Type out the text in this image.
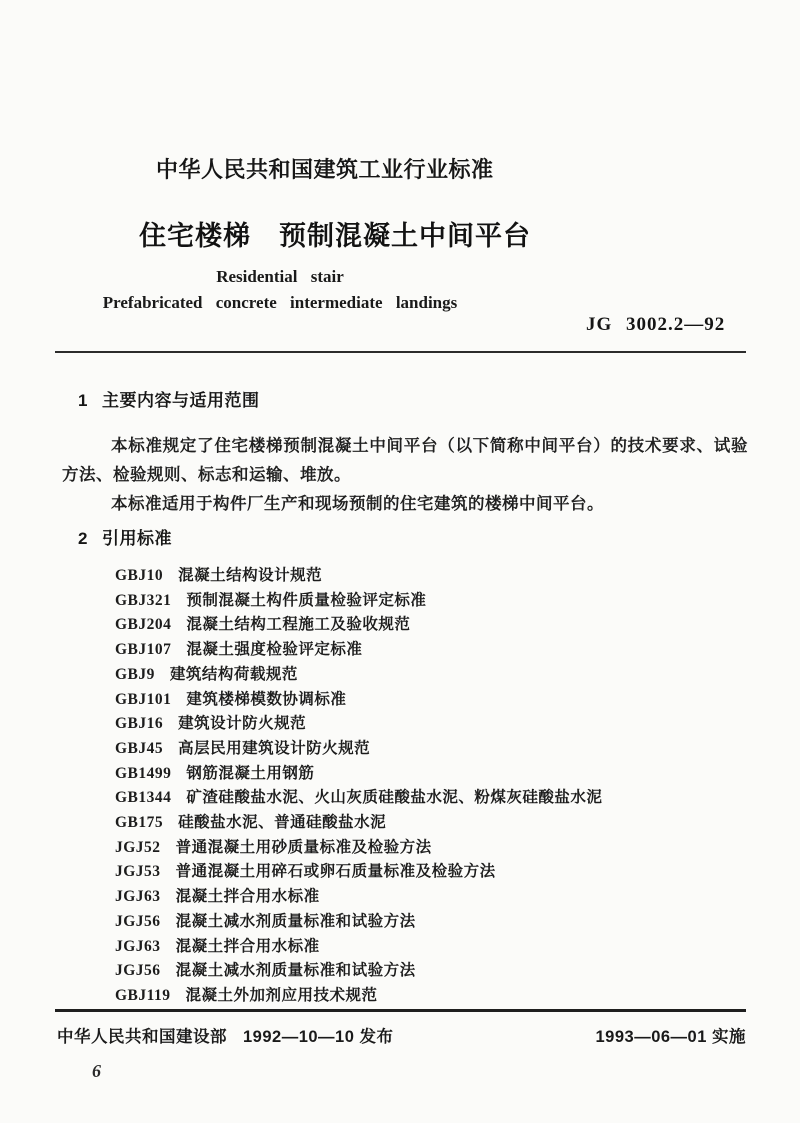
中华人民共和国建筑工业行业标准
住宅楼梯　预制混凝土中间平台
Residential stair
Prefabricated concrete intermediate landings
JG 3002.2—92
1 主要内容与适用范围

本标准规定了住宅楼梯预制混凝土中间平台（以下简称中间平台）的技术要求、试验方法、检验规则、标志和运输、堆放。

本标准适用于构件厂生产和现场预制的住宅建筑的楼梯中间平台。

2 引用标准
GBJ10 混凝土结构设计规范
GBJ321 预制混凝土构件质量检验评定标准
GBJ204 混凝土结构工程施工及验收规范
GBJ107 混凝土强度检验评定标准
GBJ9 建筑结构荷载规范
GBJ101 建筑楼梯模数协调标准
GBJ16 建筑设计防火规范
GBJ45 高层民用建筑设计防火规范
GB1499 钢筋混凝土用钢筋
GB1344 矿渣硅酸盐水泥、火山灰质硅酸盐水泥、粉煤灰硅酸盐水泥
GB175 硅酸盐水泥、普通硅酸盐水泥
JGJ52 普通混凝土用砂质量标准及检验方法
JGJ53 普通混凝土用碎石或卵石质量标准及检验方法
JGJ63 混凝土拌合用水标准
JGJ56 混凝土减水剂质量标准和试验方法
JGJ63 混凝土拌合用水标准
JGJ56 混凝土减水剂质量标准和试验方法
GBJ119 混凝土外加剂应用技术规范
中华人民共和国建设部 1992—10—10 发布	1993—06—01 实施
6
